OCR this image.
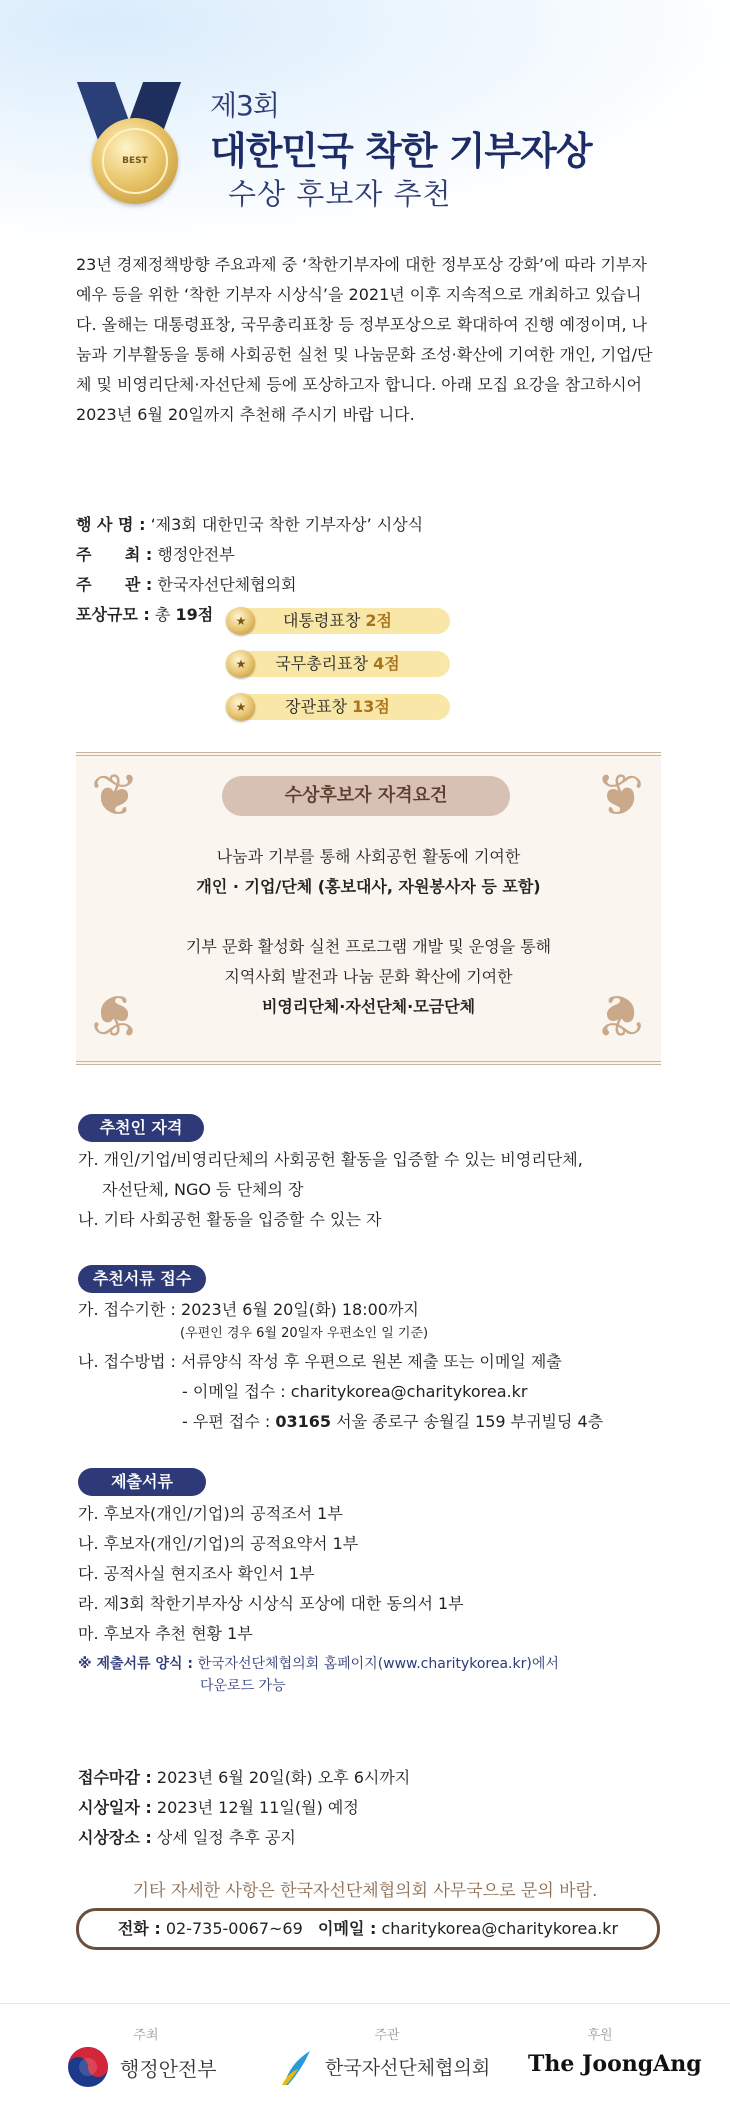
BEST
제3회
대한민국 착한 기부자상
수상 후보자 추천
23년 경제정책방향 주요과제 중 ‘착한기부자에 대한 정부포상 강화’에 따라 기부자 예우 등을 위한 ‘착한 기부자 시상식’을 2021년 이후 지속적으로 개최하고 있습니다. 올해는 대통령표창, 국무총리표창 등 정부포상으로 확대하여 진행 예정이며, 나눔과 기부활동을 통해 사회공헌 실천 및 나눔문화 조성·확산에 기여한 개인, 기업/단체 및 비영리단체·자선단체 등에 포상하고자 합니다. 아래 모집 요강을 참고하시어 2023년 6월 20일까지 추천해 주시기 바랍 니다.
행 사 명 : ‘제3회 대한민국 착한 기부자상’ 시상식
주      최 : 행정안전부
주      관 : 한국자선단체협의회
포상규모 : 총 19점	대통령표창 2점
★
국무총리표창 4점
★
장관표창 13점
★
❦	❦
❦	❦
수상후보자 자격요건
나눔과 기부를 통해 사회공헌 활동에 기여한
개인 · 기업/단체 (홍보대사, 자원봉사자 등 포함)
기부 문화 활성화 실천 프로그램 개발 및 운영을 통해
지역사회 발전과 나눔 문화 확산에 기여한
비영리단체·자선단체·모금단체
추천인 자격
가. 개인/기업/비영리단체의 사회공헌 활동을 입증할 수 있는 비영리단체,
자선단체, NGO 등 단체의 장
나. 기타 사회공헌 활동을 입증할 수 있는 자
추천서류 접수
가. 접수기한 : 2023년 6월 20일(화) 18:00까지
(우편인 경우 6월 20일자 우편소인 일 기준)
나. 접수방법 : 서류양식 작성 후 우편으로 원본 제출 또는 이메일 제출
- 이메일 접수 : charitykorea@charitykorea.kr
- 우편 접수 : 03165 서울 종로구 송월길 159 부귀빌딩 4층
제출서류
가. 후보자(개인/기업)의 공적조서 1부
나. 후보자(개인/기업)의 공적요약서 1부
다. 공적사실 현지조사 확인서 1부
라. 제3회 착한기부자상 시상식 포상에 대한 동의서 1부
마. 후보자 추천 현황 1부
※ 제출서류 양식 : 한국자선단체협의회 홈페이지(www.charitykorea.kr)에서
다운로드 가능
접수마감 : 2023년 6월 20일(화) 오후 6시까지
시상일자 : 2023년 12월 11일(월) 예정
시상장소 : 상세 일정 추후 공지
기타 자세한 사항은 한국자선단체협의회 사무국으로 문의 바람.
전화 : 02-735-0067~69 이메일 : charitykorea@charitykorea.kr
주최
행정안전부
주관
한국자선단체협의회
후원
The JoongAng
